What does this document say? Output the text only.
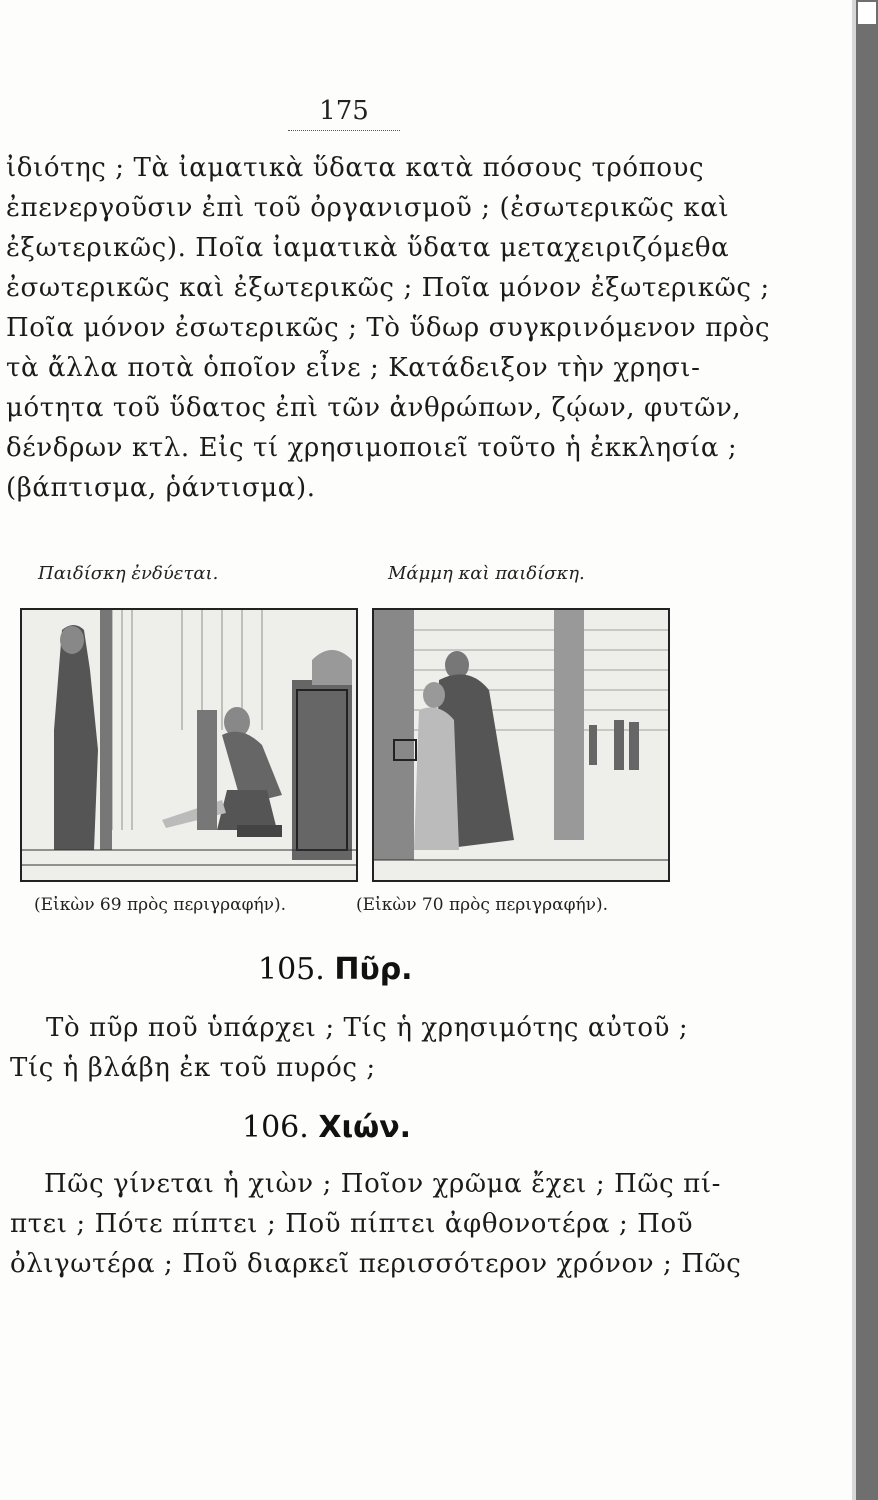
175
ἰδιότης ; Τὰ ἰαματικὰ ὕδατα κατὰ πόσους τρόπους
ἐπενεργοῦσιν ἐπὶ τοῦ ὀργανισμοῦ ; (ἐσωτερικῶς καὶ
ἐξωτερικῶς). Ποῖα ἰαματικὰ ὕδατα μεταχειριζόμεθα
ἐσωτερικῶς καὶ ἐξωτερικῶς ; Ποῖα μόνον ἐξωτερικῶς ;
Ποῖα μόνον ἐσωτερικῶς ; Τὸ ὕδωρ συγκρινόμενον πρὸς
τὰ ἄλλα ποτὰ ὁποῖον εἶνε ; Κατάδειξον τὴν χρησι-
μότητα τοῦ ὕδατος ἐπὶ τῶν ἀνθρώπων, ζῴων, φυτῶν,
δένδρων κτλ. Εἰς τί χρησιμοποιεῖ τοῦτο ἡ ἐκκλησία ;
(βάπτισμα, ῥάντισμα).
Παιδίσκη ἐνδύεται.
(Εἰκὼν 69 πρὸς περιγραφήν).
Μάμμη καὶ παιδίσκη.
(Εἰκὼν 70 πρὸς περιγραφήν).
105. Πῦρ.
Τὸ πῦρ ποῦ ὑπάρχει ; Τίς ἡ χρησιμότης αὐτοῦ ;
Τίς ἡ βλάβη ἐκ τοῦ πυρός ;
106. Χιών.
Πῶς γίνεται ἡ χιὼν ; Ποῖον χρῶμα ἔχει ; Πῶς πί-
πτει ; Πότε πίπτει ; Ποῦ πίπτει ἀφθονοτέρα ; Ποῦ
ὀλιγωτέρα ; Ποῦ διαρκεῖ περισσότερον χρόνον ; Πῶς
